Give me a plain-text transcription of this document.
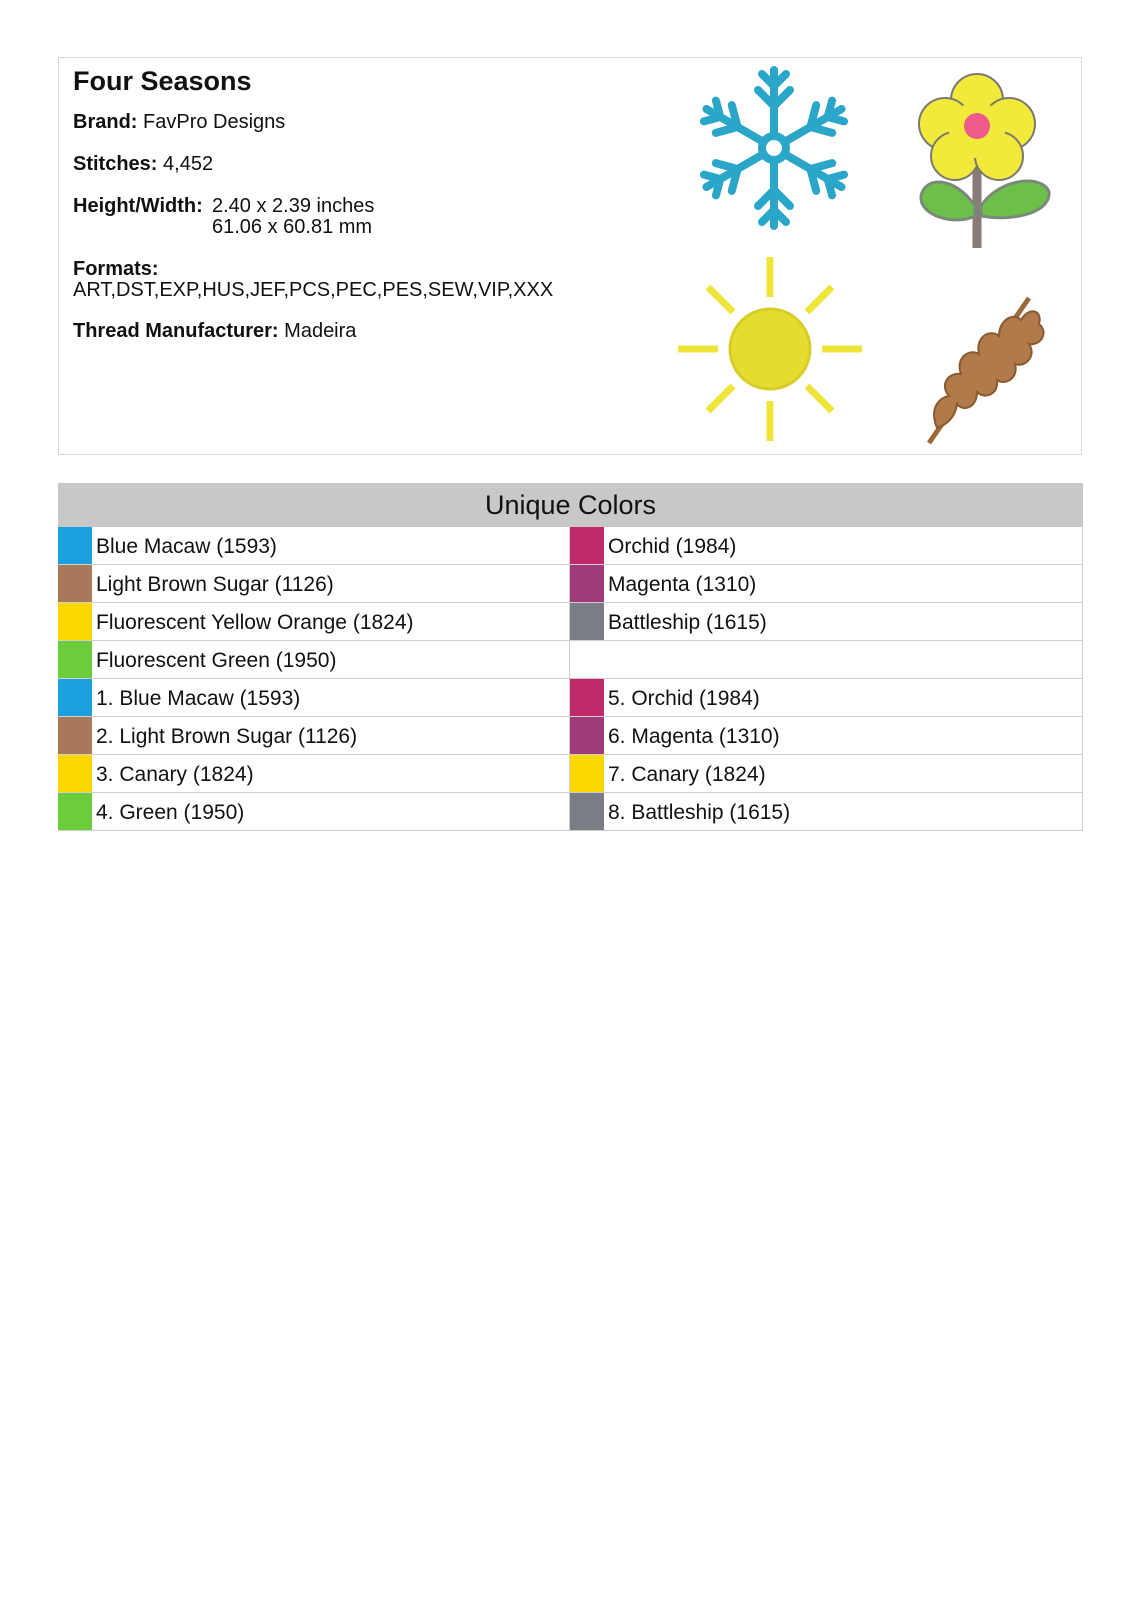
Four Seasons
Brand: FavPro Designs
Stitches: 4,452
Height/Width: 2.40 x 2.39 inches
61.06 x 60.81 mm
Formats:
ART,DST,EXP,HUS,JEF,PCS,PEC,PES,SEW,VIP,XXX
Thread Manufacturer: Madeira
Unique Colors
Blue Macaw (1593)	Orchid (1984)
Light Brown Sugar (1126)	Magenta (1310)
Fluorescent Yellow Orange (1824)	Battleship (1615)
Fluorescent Green (1950)
1. Blue Macaw (1593)	5. Orchid (1984)
2. Light Brown Sugar (1126)	6. Magenta (1310)
3. Canary (1824)	7. Canary (1824)
4. Green (1950)	8. Battleship (1615)
